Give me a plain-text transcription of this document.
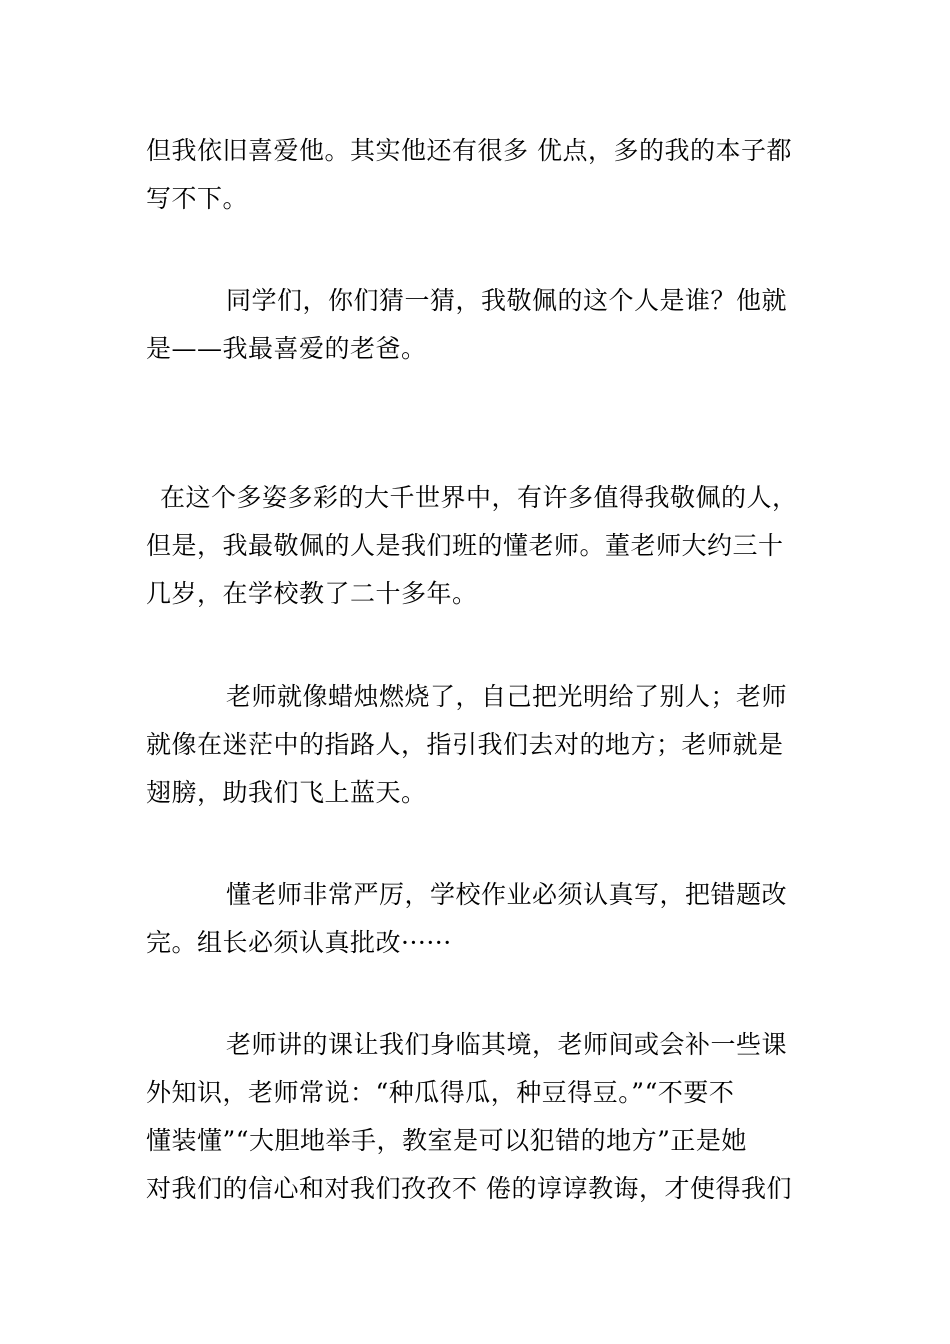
但我依旧喜爱他。其实他还有很多 优点，多的我的本子都
写不下。
同学们，你们猜一猜，我敬佩的这个人是谁？他就
是——我最喜爱的老爸。
在这个多姿多彩的大千世界中，有许多值得我敬佩的人，
但是，我最敬佩的人是我们班的懂老师。董老师大约三十
几岁，在学校教了二十多年。
老师就像蜡烛燃烧了，自己把光明给了别人；老师
就像在迷茫中的指路人，指引我们去对的地方；老师就是
翅膀，助我们飞上蓝天。
懂老师非常严厉，学校作业必须认真写，把错题改
完。组长必须认真批改······
老师讲的课让我们身临其境，老师间或会补一些课
外知识，老师常说：“种瓜得瓜，种豆得豆。”“不要不
懂装懂”“大胆地举手，教室是可以犯错的地方”正是她
对我们的信心和对我们孜孜不 倦的谆谆教诲，才使得我们
